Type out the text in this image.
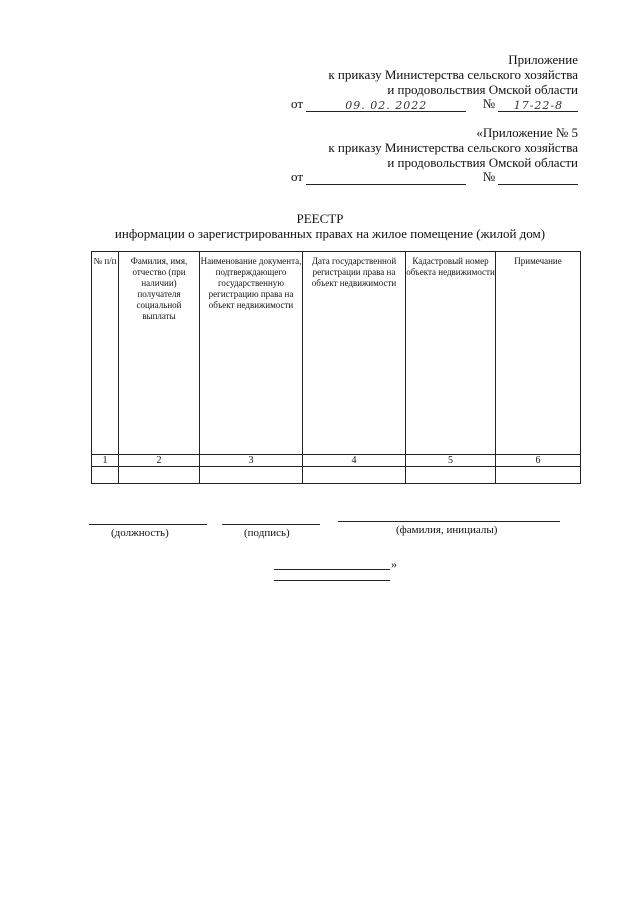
Приложение
к приказу Министерства сельского хозяйства
и продовольствия Омской области
от	09. 02. 2022	№ 17-22-8
«Приложение № 5
к приказу Министерства сельского хозяйства
и продовольствия Омской области
от	№
РЕЕСТР
информации о зарегистрированных правах на жилое помещение (жилой дом)
№ п/п	Фамилия, имя, отчество (при наличии) получателя социальной выплаты	Наименование документа, подтверждающего государственную регистрацию права на объект недвижимости	Дата государственной регистрации права на объект недвижимости	Кадастровый номер объекта недвижимости	Примечание
1	2	3	4	5	6

(должность)	(подпись)	(фамилия, инициалы)
»
